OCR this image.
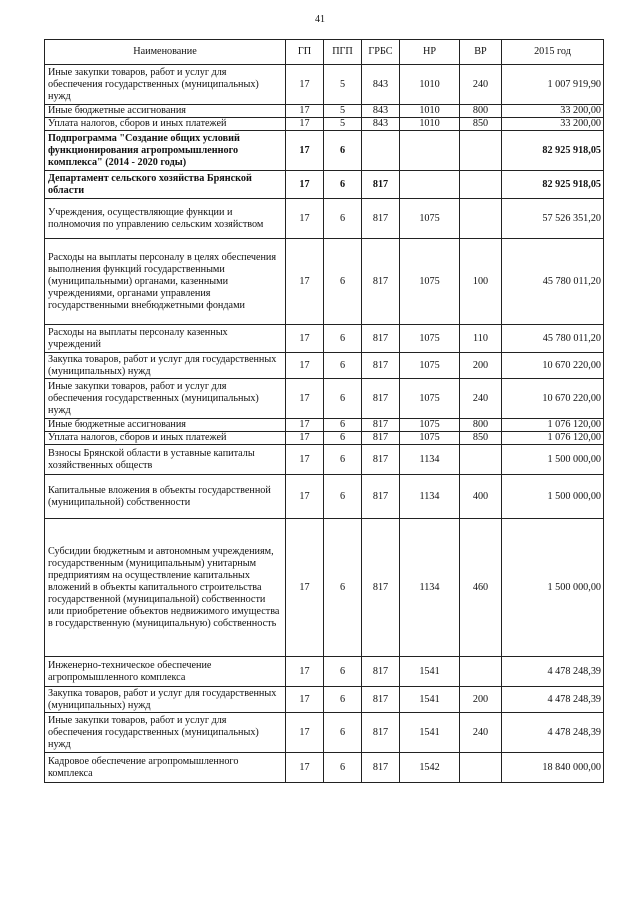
41
Наименование	ГП	ПГП	ГРБС	НР	ВР	2015 год
Иные закупки товаров, работ и услуг для обеспечения государственных (муниципальных) нужд	17	5	843	1010	240	1 007 919,90
Иные бюджетные ассигнования	17	5	843	1010	800	33 200,00
Уплата налогов, сборов и иных платежей	17	5	843	1010	850	33 200,00
Подпрограмма "Создание общих условий функционирования агропромышленного комплекса" (2014 - 2020 годы)	17	6				82 925 918,05
Департамент сельского хозяйства Брянской области	17	6	817			82 925 918,05
Учреждения, осуществляющие функции и полномочия по управлению сельским хозяйством	17	6	817	1075		57 526 351,20
Расходы на выплаты персоналу в целях обеспечения выполнения функций государственными (муниципальными) органами, казенными учреждениями, органами управления государственными внебюджетными фондами	17	6	817	1075	100	45 780 011,20
Расходы на выплаты персоналу казенных учреждений	17	6	817	1075	110	45 780 011,20
Закупка товаров, работ и услуг для государственных (муниципальных) нужд	17	6	817	1075	200	10 670 220,00
Иные закупки товаров, работ и услуг для обеспечения государственных (муниципальных) нужд	17	6	817	1075	240	10 670 220,00
Иные бюджетные ассигнования	17	6	817	1075	800	1 076 120,00
Уплата налогов, сборов и иных платежей	17	6	817	1075	850	1 076 120,00
Взносы Брянской области в уставные капиталы хозяйственных обществ	17	6	817	1134		1 500 000,00
Капитальные вложения в объекты государственной (муниципальной) собственности	17	6	817	1134	400	1 500 000,00
Субсидии бюджетным и автономным учреждениям, государственным (муниципальным) унитарным предприятиям на осуществление капитальных вложений в объекты капитального строительства государственной (муниципальной) собственности или приобретение объектов недвижимого имущества в государственную (муниципальную) собственность	17	6	817	1134	460	1 500 000,00
Инженерно-техническое обеспечение агропромышленного комплекса	17	6	817	1541		4 478 248,39
Закупка товаров, работ и услуг для государственных (муниципальных) нужд	17	6	817	1541	200	4 478 248,39
Иные закупки товаров, работ и услуг для обеспечения государственных (муниципальных) нужд	17	6	817	1541	240	4 478 248,39
Кадровое обеспечение агропромышленного комплекса	17	6	817	1542		18 840 000,00
